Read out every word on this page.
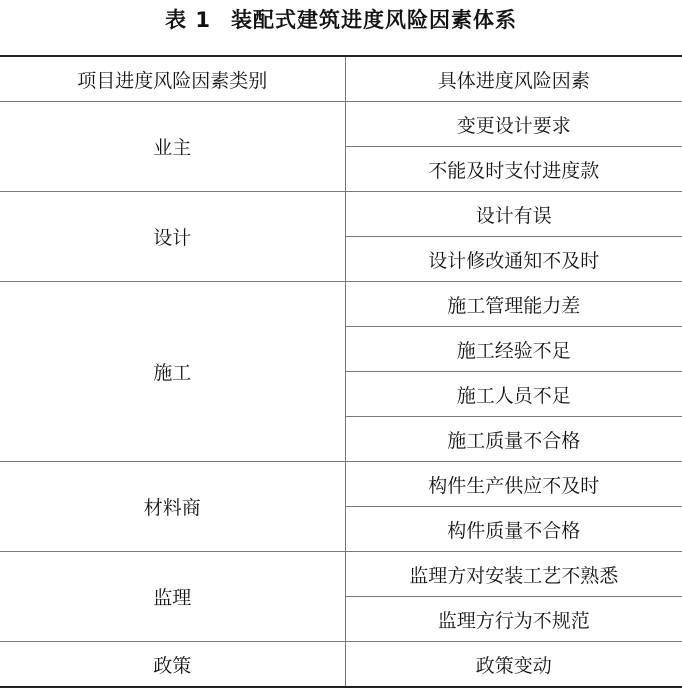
表 1 装配式建筑进度风险因素体系
项目进度风险因素类别	具体进度风险因素
业主	变更设计要求
	不能及时支付进度款
设计	设计有误
	设计修改通知不及时
施工	施工管理能力差
	施工经验不足
	施工人员不足
	施工质量不合格
材料商	构件生产供应不及时
	构件质量不合格
监理	监理方对安装工艺不熟悉
	监理方行为不规范
政策	政策变动
